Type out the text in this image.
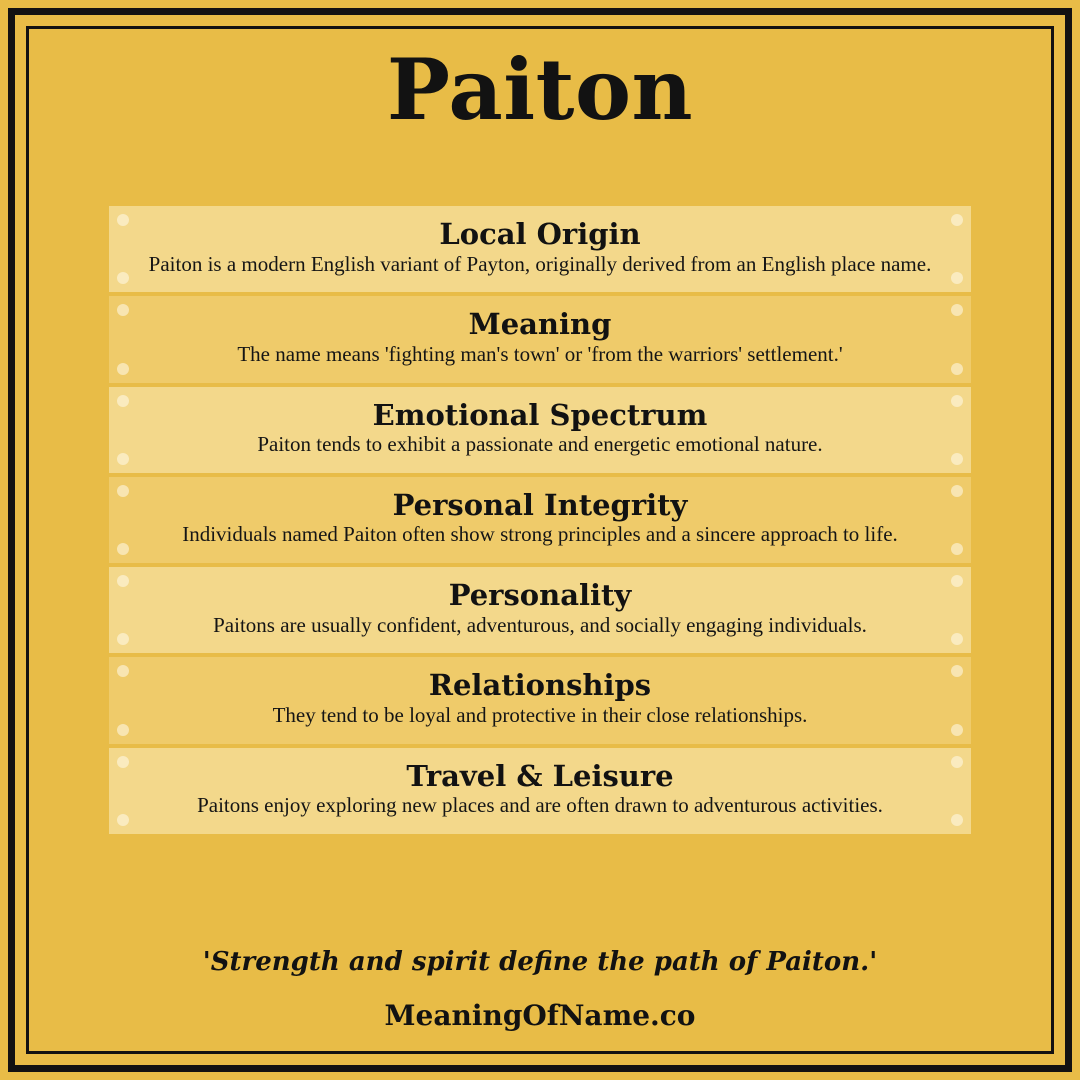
Paiton
Local Origin
Paiton is a modern English variant of Payton, originally derived from an English place name.
Meaning
The name means 'fighting man's town' or 'from the warriors' settlement.'
Emotional Spectrum
Paiton tends to exhibit a passionate and energetic emotional nature.
Personal Integrity
Individuals named Paiton often show strong principles and a sincere approach to life.
Personality
Paitons are usually confident, adventurous, and socially engaging individuals.
Relationships
They tend to be loyal and protective in their close relationships.
Travel & Leisure
Paitons enjoy exploring new places and are often drawn to adventurous activities.
'Strength and spirit define the path of Paiton.'
MeaningOfName.co
